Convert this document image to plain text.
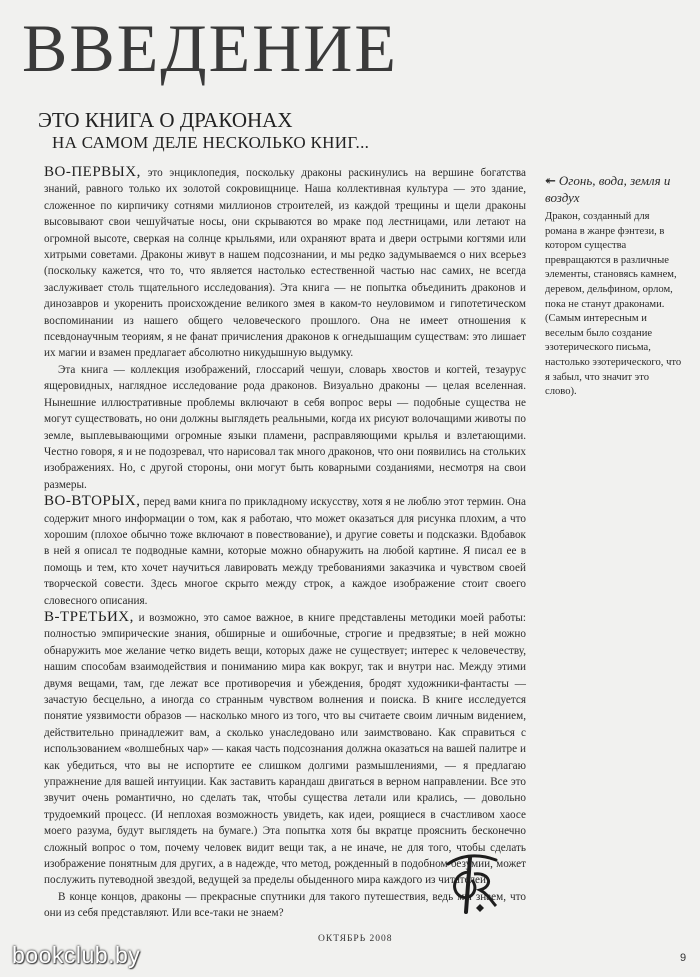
ВВЕДЕНИЕ
ЭТО КНИГА О ДРАКОНАХ
НА САМОМ ДЕЛЕ НЕСКОЛЬКО КНИГ...

ВО-ПЕРВЫХ, это энциклопедия, поскольку драконы раскинулись на вершине богатства знаний, равного только их золотой сокровищнице. Наша коллективная культура — это здание, сложенное по кирпичику сотнями миллионов строителей, из каждой трещины и щели драконы высовывают свои чешуйчатые носы, они скрываются во мраке под лестницами, или летают на огромной высоте, сверкая на солнце крыльями, или охраняют врата и двери острыми когтями или хитрыми советами. Драконы живут в нашем подсознании, и мы редко задумываемся о них всерьез (поскольку кажется, что то, что является настолько естественной частью нас самих, не всегда заслуживает столь тщательного исследования). Эта книга — не попытка объединить драконов и динозавров и укоренить происхождение великого змея в каком-то неуловимом и гипотетическом воспоминании из нашего общего человеческого прошлого. Она не имеет отношения к псевдонаучным теориям, я не фанат причисления драконов к огнедышащим существам: это лишает их магии и взамен предлагает абсолютно никудышную выдумку.

Эта книга — коллекция изображений, глоссарий чешуи, словарь хвостов и когтей, тезаурус ящеровидных, наглядное исследование рода драконов. Визуально драконы — целая вселенная. Нынешние иллюстративные проблемы включают в себя вопрос веры — подобные существа не могут существовать, но они должны выглядеть реальными, когда их рисуют волочащими животы по земле, выплевывающими огромные языки пламени, расправляющими крылья и взлетающими. Честно говоря, я и не подозревал, что нарисовал так много драконов, что они появились на стольких изображениях. Но, с другой стороны, они могут быть коварными созданиями, несмотря на свои размеры.

ВО-ВТОРЫХ, перед вами книга по прикладному искусству, хотя я не люблю этот термин. Она содержит много информации о том, как я работаю, что может оказаться для рисунка плохим, а что хорошим (плохое обычно тоже включают в повествование), и другие советы и подсказки. Вдобавок в ней я описал те подводные камни, которые можно обнаружить на любой картине. Я писал ее в помощь и тем, кто хочет научиться лавировать между требованиями заказчика и чувством своей творческой совести. Здесь многое скрыто между строк, а каждое изображение стоит своего словесного описания.

В-ТРЕТЬИХ, и возможно, это самое важное, в книге представлены методики моей работы: полностью эмпирические знания, обширные и ошибочные, строгие и предвзятые; в ней можно обнаружить мое желание четко видеть вещи, которых даже не существует; интерес к человечеству, нашим способам взаимодействия и пониманию мира как вокруг, так и внутри нас. Между этими двумя вещами, там, где лежат все противоречия и убеждения, бродят художники-фантасты — зачастую бесцельно, а иногда со странным чувством волнения и поиска. В книге исследуется понятие уязвимости образов — насколько много из того, что вы считаете своим личным видением, действительно принадлежит вам, а сколько унаследовано или заимствовано. Как справиться с использованием «волшебных чар» — какая часть подсознания должна оказаться на вашей палитре и как убедиться, что вы не испортите ее слишком долгими размышлениями, — я предлагаю упражнение для вашей интуиции. Как заставить карандаш двигаться в верном направлении. Все это звучит очень романтично, но сделать так, чтобы существа летали или крались, — довольно трудоемкий процесс. (И неплохая возможность увидеть, как идеи, роящиеся в счастливом хаосе моего разума, будут выглядеть на бумаге.) Эта попытка хотя бы вкратце прояснить бесконечно сложный вопрос о том, почему человек видит вещи так, а не иначе, не для того, чтобы сделать изображение понятным для других, а в надежде, что метод, рожденный в подобном безумии, может послужить путеводной звездой, ведущей за пределы обыденного мира каждого из читателей.

В конце концов, драконы — прекрасные спутники для такого путешествия, ведь мы знаем, что они из себя представляют. Или все-таки не знаем?

↞ Огонь, вода, земля и воздух

Дракон, созданный для романа в жанре фэнтези, в котором существа превращаются в различные элементы, становясь камнем, деревом, дельфином, орлом, пока не станут драконами. (Самым интересным и веселым было создание эзотерического письма, настолько эзотерического, что я забыл, что значит это слово).

ОКТЯБРЬ 2008
9
bookclub.by
